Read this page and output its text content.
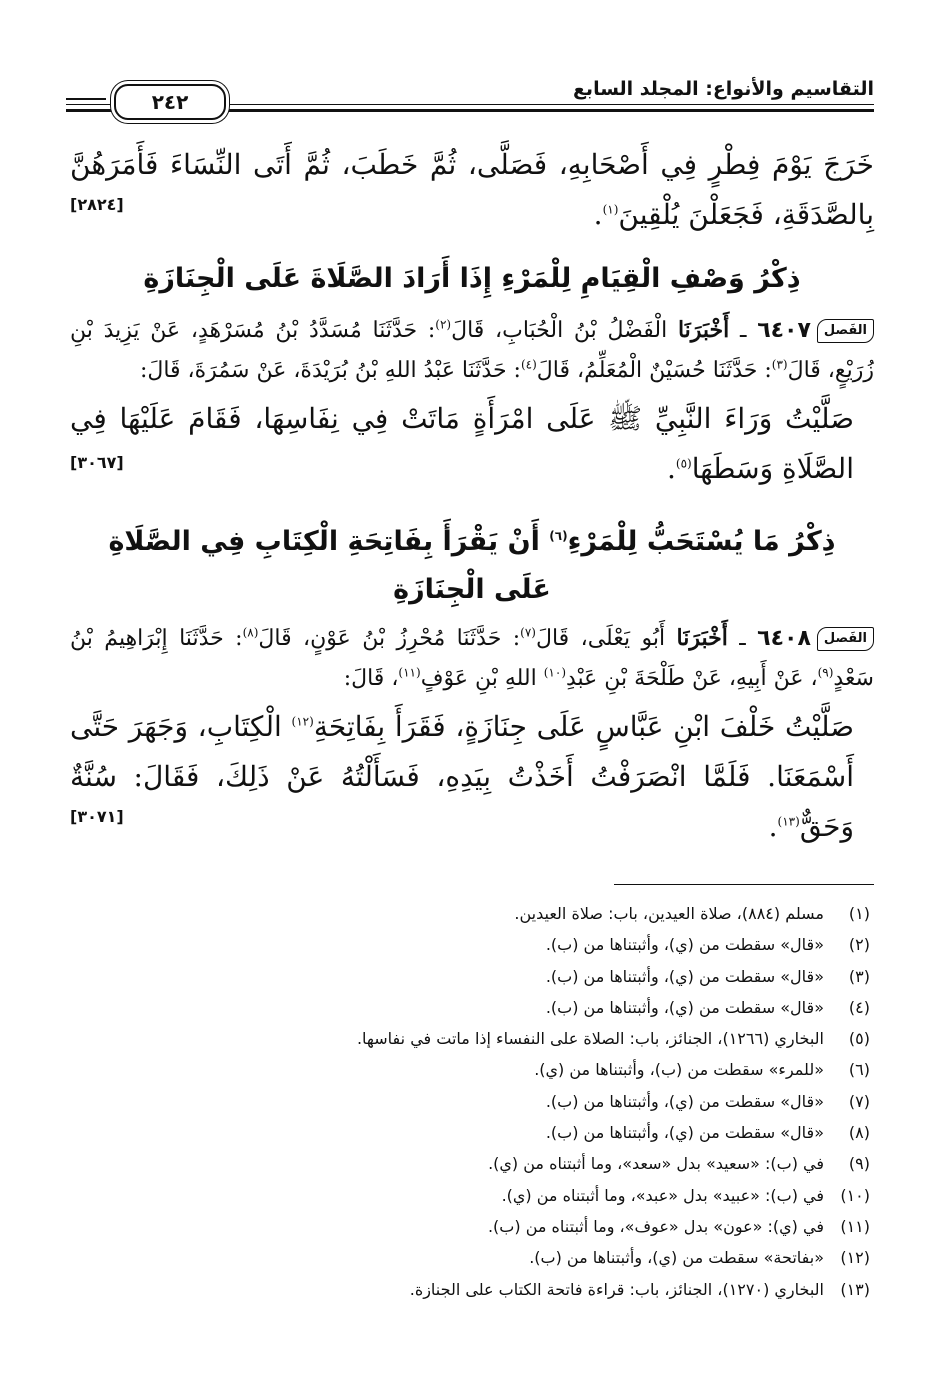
التقاسيم والأنواع: المجلد السابع
٢٤٢
خَرَجَ يَوْمَ فِطْرٍ فِي أَصْحَابِهِ، فَصَلَّى، ثُمَّ خَطَبَ، ثُمَّ أَتَى النِّسَاءَ فَأَمَرَهُنَّ
بِالصَّدَقَةِ، فَجَعَلْنَ يُلْقِينَ$^{(١)}$.
[٢٨٢٤]
ذِكْرُ وَصْفِ الْقِيَامِ لِلْمَرْءِ إِذَا أَرَادَ الصَّلَاةَ عَلَى الْجِنَازَةِ

الفَصل٦٤٠٧ ـ أَخْبَرَنَا الْفَضْلُ بْنُ الْحُبَابِ، قَالَ$^{(٢)}$: حَدَّثَنَا مُسَدَّدُ بْنُ مُسَرْهَدٍ، عَنْ يَزِيدَ بْنِ زُرَيْعٍ، قَالَ$^{(٣)}$: حَدَّثَنَا حُسَيْنٌ الْمُعَلِّمُ، قَالَ$^{(٤)}$: حَدَّثَنَا عَبْدُ اللهِ بْنُ بُرَيْدَةَ، عَنْ سَمُرَةَ، قَالَ:

صَلَّيْتُ وَرَاءَ النَّبِيِّ ﷺ عَلَى امْرَأَةٍ مَاتَتْ فِي نِفَاسِهَا، فَقَامَ عَلَيْهَا فِي الصَّلَاةِ وَسَطَهَا$^{(٥)}$.
[٣٠٦٧]
ذِكْرُ مَا يُسْتَحَبُّ لِلْمَرْءِ$^{(٦)}$ أَنْ يَقْرَأَ بِفَاتِحَةِ الْكِتَابِ فِي الصَّلَاةِ
عَلَى الْجِنَازَةِ

الفَصل٦٤٠٨ ـ أَخْبَرَنَا أَبُو يَعْلَى، قَالَ$^{(٧)}$: حَدَّثَنَا مُحْرِزُ بْنُ عَوْنٍ، قَالَ$^{(٨)}$: حَدَّثَنَا إِبْرَاهِيمُ بْنُ سَعْدٍ$^{(٩)}$، عَنْ أَبِيهِ، عَنْ طَلْحَةَ بْنِ عَبْدِ$^{(١٠)}$ اللهِ بْنِ عَوْفٍ$^{(١١)}$، قَالَ:

صَلَّيْتُ خَلْفَ ابْنِ عَبَّاسٍ عَلَى جِنَازَةٍ، فَقَرَأَ بِفَاتِحَةِ$^{(١٢)}$ الْكِتَابِ، وَجَهَرَ حَتَّى أَسْمَعَنَا. فَلَمَّا انْصَرَفْتُ أَخَذْتُ بِيَدِهِ، فَسَأَلْتُهُ عَنْ ذَلِكَ، فَقَالَ: سُنَّةٌ وَحَقٌّ$^{(١٣)}$.
[٣٠٧١]
(١)مسلم (٨٨٤)، صلاة العيدين، باب: صلاة العيدين.
(٢)«قال» سقطت من (ي)، وأثبتناها من (ب).
(٣)«قال» سقطت من (ي)، وأثبتناها من (ب).
(٤)«قال» سقطت من (ي)، وأثبتناها من (ب).
(٥)البخاري (١٢٦٦)، الجنائز، باب: الصلاة على النفساء إذا ماتت في نفاسها.
(٦)«للمرء» سقطت من (ب)، وأثبتناها من (ي).
(٧)«قال» سقطت من (ي)، وأثبتناها من (ب).
(٨)«قال» سقطت من (ي)، وأثبتناها من (ب).
(٩)في (ب): «سعيد» بدل «سعد»، وما أثبتناه من (ي).
(١٠)في (ب): «عبيد» بدل «عبد»، وما أثبتناه من (ي).
(١١)في (ي): «عون» بدل «عوف»، وما أثبتناه من (ب).
(١٢)«بفاتحة» سقطت من (ي)، وأثبتناها من (ب).
(١٣)البخاري (١٢٧٠)، الجنائز، باب: قراءة فاتحة الكتاب على الجنازة.
